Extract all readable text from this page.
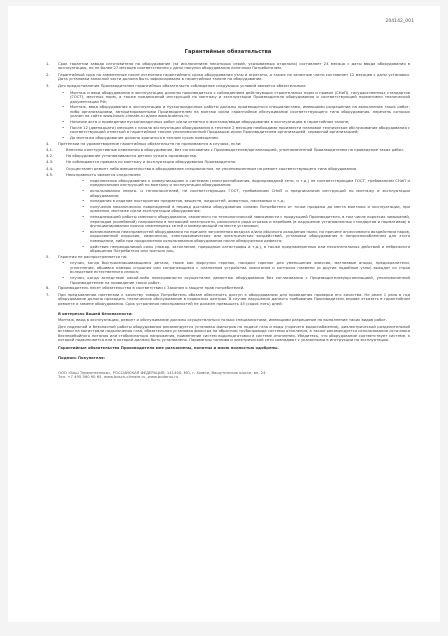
204142_001
Гарантийные обязательства
1. Срок гарантии завода изготовителя на оборудование (за исключением некоторых серий, указываемых отдельно) составляет 24 месяца с даты ввода оборудования в эксплуатацию, но не более 27 месяцев соответственно с даты покупки оборудования конечным Потребителем.
2. Гарантийный срок на замененные после истечения гарантийного срока оборудования узлы и агрегаты, а также на запасные части составляет 12 месяцев с даты установки. Дата установки запасной части должна быть зафиксирована в гарантийном талоне на оборудование.
3. Для предоставления Производителем гарантийных обязательств соблюдение следующих условий является обязательным:
• Монтаж и ввод оборудования в эксплуатацию должны производиться с соблюдением действующих строительных норм и правил (СНиП), государственных стандартов (ГОСТ), местных норм, а также предписаний инструкций по монтажу и эксплуатации Производителя оборудования и соответствующей нормативно технической документации РФ;
• Монтаж, ввод оборудования в эксплуатацию и пусконаладочные работы должны производиться специалистами, имеющими разрешение на выполнение таких работ, либо организациями, авторизированными Производителем на монтаж и/или гарантийное обслуживание соответствующего типа оборудования, перечень которых указан на сайте www.bosch-climate.ru и/или www.buderus.ru;
• Наличие акта о проведении пусконаладочных работ и/или отметки о монтаже/вводе оборудования в эксплуатацию в гарантийном талоне;
• После 12 (двенадцати) месяцев с начала эксплуатации оборудования в течение 2 месяцев необходимо произвести плановое техническое обслуживание оборудования с соответствующей отметкой в гарантийном талоне уполномоченной Продавцом и/или Производителем организацией, сервисной организацией;
• До монтажа оборудование должно храниться в теплом сухом помещении.
4. Претензии на удовлетворение гарантийных обязательств не принимаются в случаях, если:
4.1.	Внесены конструктивные изменения в оборудование, без согласования с Производителем/организацией, уполномоченной Производителем на проведение таких работ.
4.2.	На оборудование устанавливаются детали чужого производства.
4.3.	Не соблюдаются правила по монтажу и эксплуатации оборудования Производителя.
4.4.	Осуществлен ремонт либо вмешательство в оборудование специалистом, не уполномоченным на ремонт соответствующего типа оборудования.
4.5.	Неисправность является следствием:
• подключения оборудования к коммуникациям и системам (электроснабжения, водопроводной сети, и т.д.) не соответствующим ГОСТ, требованиям СНиП и предписаниям инструкций по монтажу и эксплуатации оборудования;
• использования энерго- и теплоносителей, не соответствующих ГОСТ, требованиям СНиП и предписаниям инструкций по монтажу и эксплуатации оборудования;
• попадания в изделие посторонних предметов, веществ, жидкостей, животных, насекомых и т.д.;
• получения механических повреждений в период доставки оборудования силами Потребителя от точки продажи до места монтажа и эксплуатации, при хранении, монтаже и/или эксплуатации оборудования;
• ненадлежащей работы сменного оборудования, связанного по технологической зависимости с продукцией Производителя, в том числе коротких замыканий, перепадов (колебаний) напряжения в питающей электросети, различного рода отказов и перебоев (в нарушение установленных стандартов и нормативов) в функционировании прочих инженерных сетей и коммуникаций на месте установки;
• возникновения неисправностей оборудования по причине загрязнения воздуха и/или обычного осаждения пыли, по причине агрессивного воздействия паров, коррозионной коррозии, химических, электрохимических или электрических воздействий, установки оборудования в неприспособленном для этого помещении, либо при продолжении использования оборудования после обнаружения дефекта;
• действия непреодолимой силы (пожар, затопление, природные катастрофы и т.д.), а также преднамеренных или несознательных действий и небрежного обращения Потребителя или третьих лиц.
5. Гарантия не распространяется на:
• случаи, когда быстроизнашивающиеся детали, такие как форсунки горелок, насадки горелок для уменьшения эмиссии, магниевые аноды, предохранители, уплотнения, обшивка камеры сгорания или сопрягающиеся с планкеном устройства зажигания и контроля пламени (и другие подобные узлы) выходят из строя вследствие естественного износа;
• случаи, когда вследствие какой-либо неисправности осуществлен демонтаж оборудования без согласования с Производителем/организацией, уполномоченной Производителем на проведение таких работ.
6. Производитель несет обязательства в соответствии с Законом о защите прав потребителей.
7. При предъявлении претензии к качеству товара Потребитель обязан обеспечить доступ к оборудованию для проведения проверки его качества. Не реже 1 раза в год оборудование должно проходить техническое обслуживание в сервисных центрах. В случае нарушения данного требования Производитель вправе отказать в гарантийном ремонте и замене оборудования. Срок устранения неисправностей не должен превышать 45 (сорок пять) дней.
В интересах Вашей безопасности:
Монтаж, ввод в эксплуатацию, ремонт и обслуживание должны осуществляться только специалистами, имеющими разрешение на выполнение таких видов работ.
Для надежной и безопасной работы оборудования рекомендуется установка фильтров на подаче газа и воды (горячего водоснабжения), диэлектрической разделительной вставки на магистрали подключения газа, обязательная установка фильтра на обратном трубопроводе системы отопления, а также рекомендуется использование источника бесперебойного питания или стабилизатора напряжения, применение систем водоподготовки в системе отопления. Убедитесь, что оборудование соответствует системе, к которой подключается или в которой должно быть установлено. Параметры топлива и электрической сети совпадают с указанными в инструкции по эксплуатации.
Гарантийные обязательства Производителя мне разъяснены, понятны и мною полностью одобрены.
Подпись Покупателя:
ООО «Бош Термотехника», РОССИЙСКАЯ ФЕДЕРАЦИЯ, 141400, МО, г. Химки, Вашутинское шоссе, вл. 24
Тел. +7 495 560 90 65, www.bosch-climate.ru, www.buderus.ru
